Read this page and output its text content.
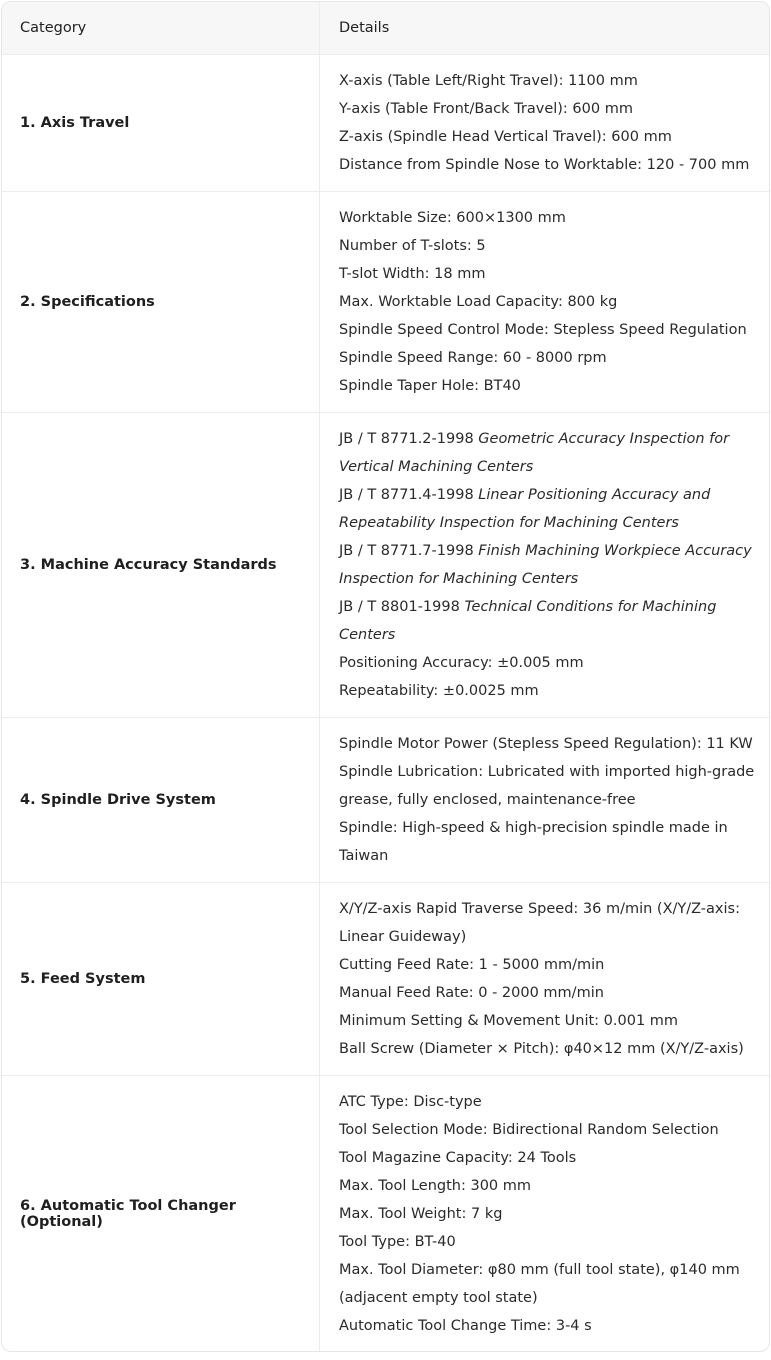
Category	Details
1. Axis Travel
X-axis (Table Left/Right Travel): 1100 mm
Y-axis (Table Front/Back Travel): 600 mm
Z-axis (Spindle Head Vertical Travel): 600 mm
Distance from Spindle Nose to Worktable: 120 - 700 mm
2. Specifications
Worktable Size: 600×1300 mm
Number of T-slots: 5
T-slot Width: 18 mm
Max. Worktable Load Capacity: 800 kg
Spindle Speed Control Mode: Stepless Speed Regulation
Spindle Speed Range: 60 - 8000 rpm
Spindle Taper Hole: BT40
3. Machine Accuracy Standards
JB / T 8771.2-1998 Geometric Accuracy Inspection for
Vertical Machining Centers
JB / T 8771.4-1998 Linear Positioning Accuracy and
Repeatability Inspection for Machining Centers
JB / T 8771.7-1998 Finish Machining Workpiece Accuracy
Inspection for Machining Centers
JB / T 8801-1998 Technical Conditions for Machining
Centers
Positioning Accuracy: ±0.005 mm
Repeatability: ±0.0025 mm
4. Spindle Drive System
Spindle Motor Power (Stepless Speed Regulation): 11 KW
Spindle Lubrication: Lubricated with imported high-grade
grease, fully enclosed, maintenance-free
Spindle: High-speed & high-precision spindle made in
Taiwan
5. Feed System
X/Y/Z-axis Rapid Traverse Speed: 36 m/min (X/Y/Z-axis:
Linear Guideway)
Cutting Feed Rate: 1 - 5000 mm/min
Manual Feed Rate: 0 - 2000 mm/min
Minimum Setting & Movement Unit: 0.001 mm
Ball Screw (Diameter × Pitch): φ40×12 mm (X/Y/Z-axis)
6. Automatic Tool Changer (Optional)
ATC Type: Disc-type
Tool Selection Mode: Bidirectional Random Selection
Tool Magazine Capacity: 24 Tools
Max. Tool Length: 300 mm
Max. Tool Weight: 7 kg
Tool Type: BT-40
Max. Tool Diameter: φ80 mm (full tool state), φ140 mm
(adjacent empty tool state)
Automatic Tool Change Time: 3-4 s
